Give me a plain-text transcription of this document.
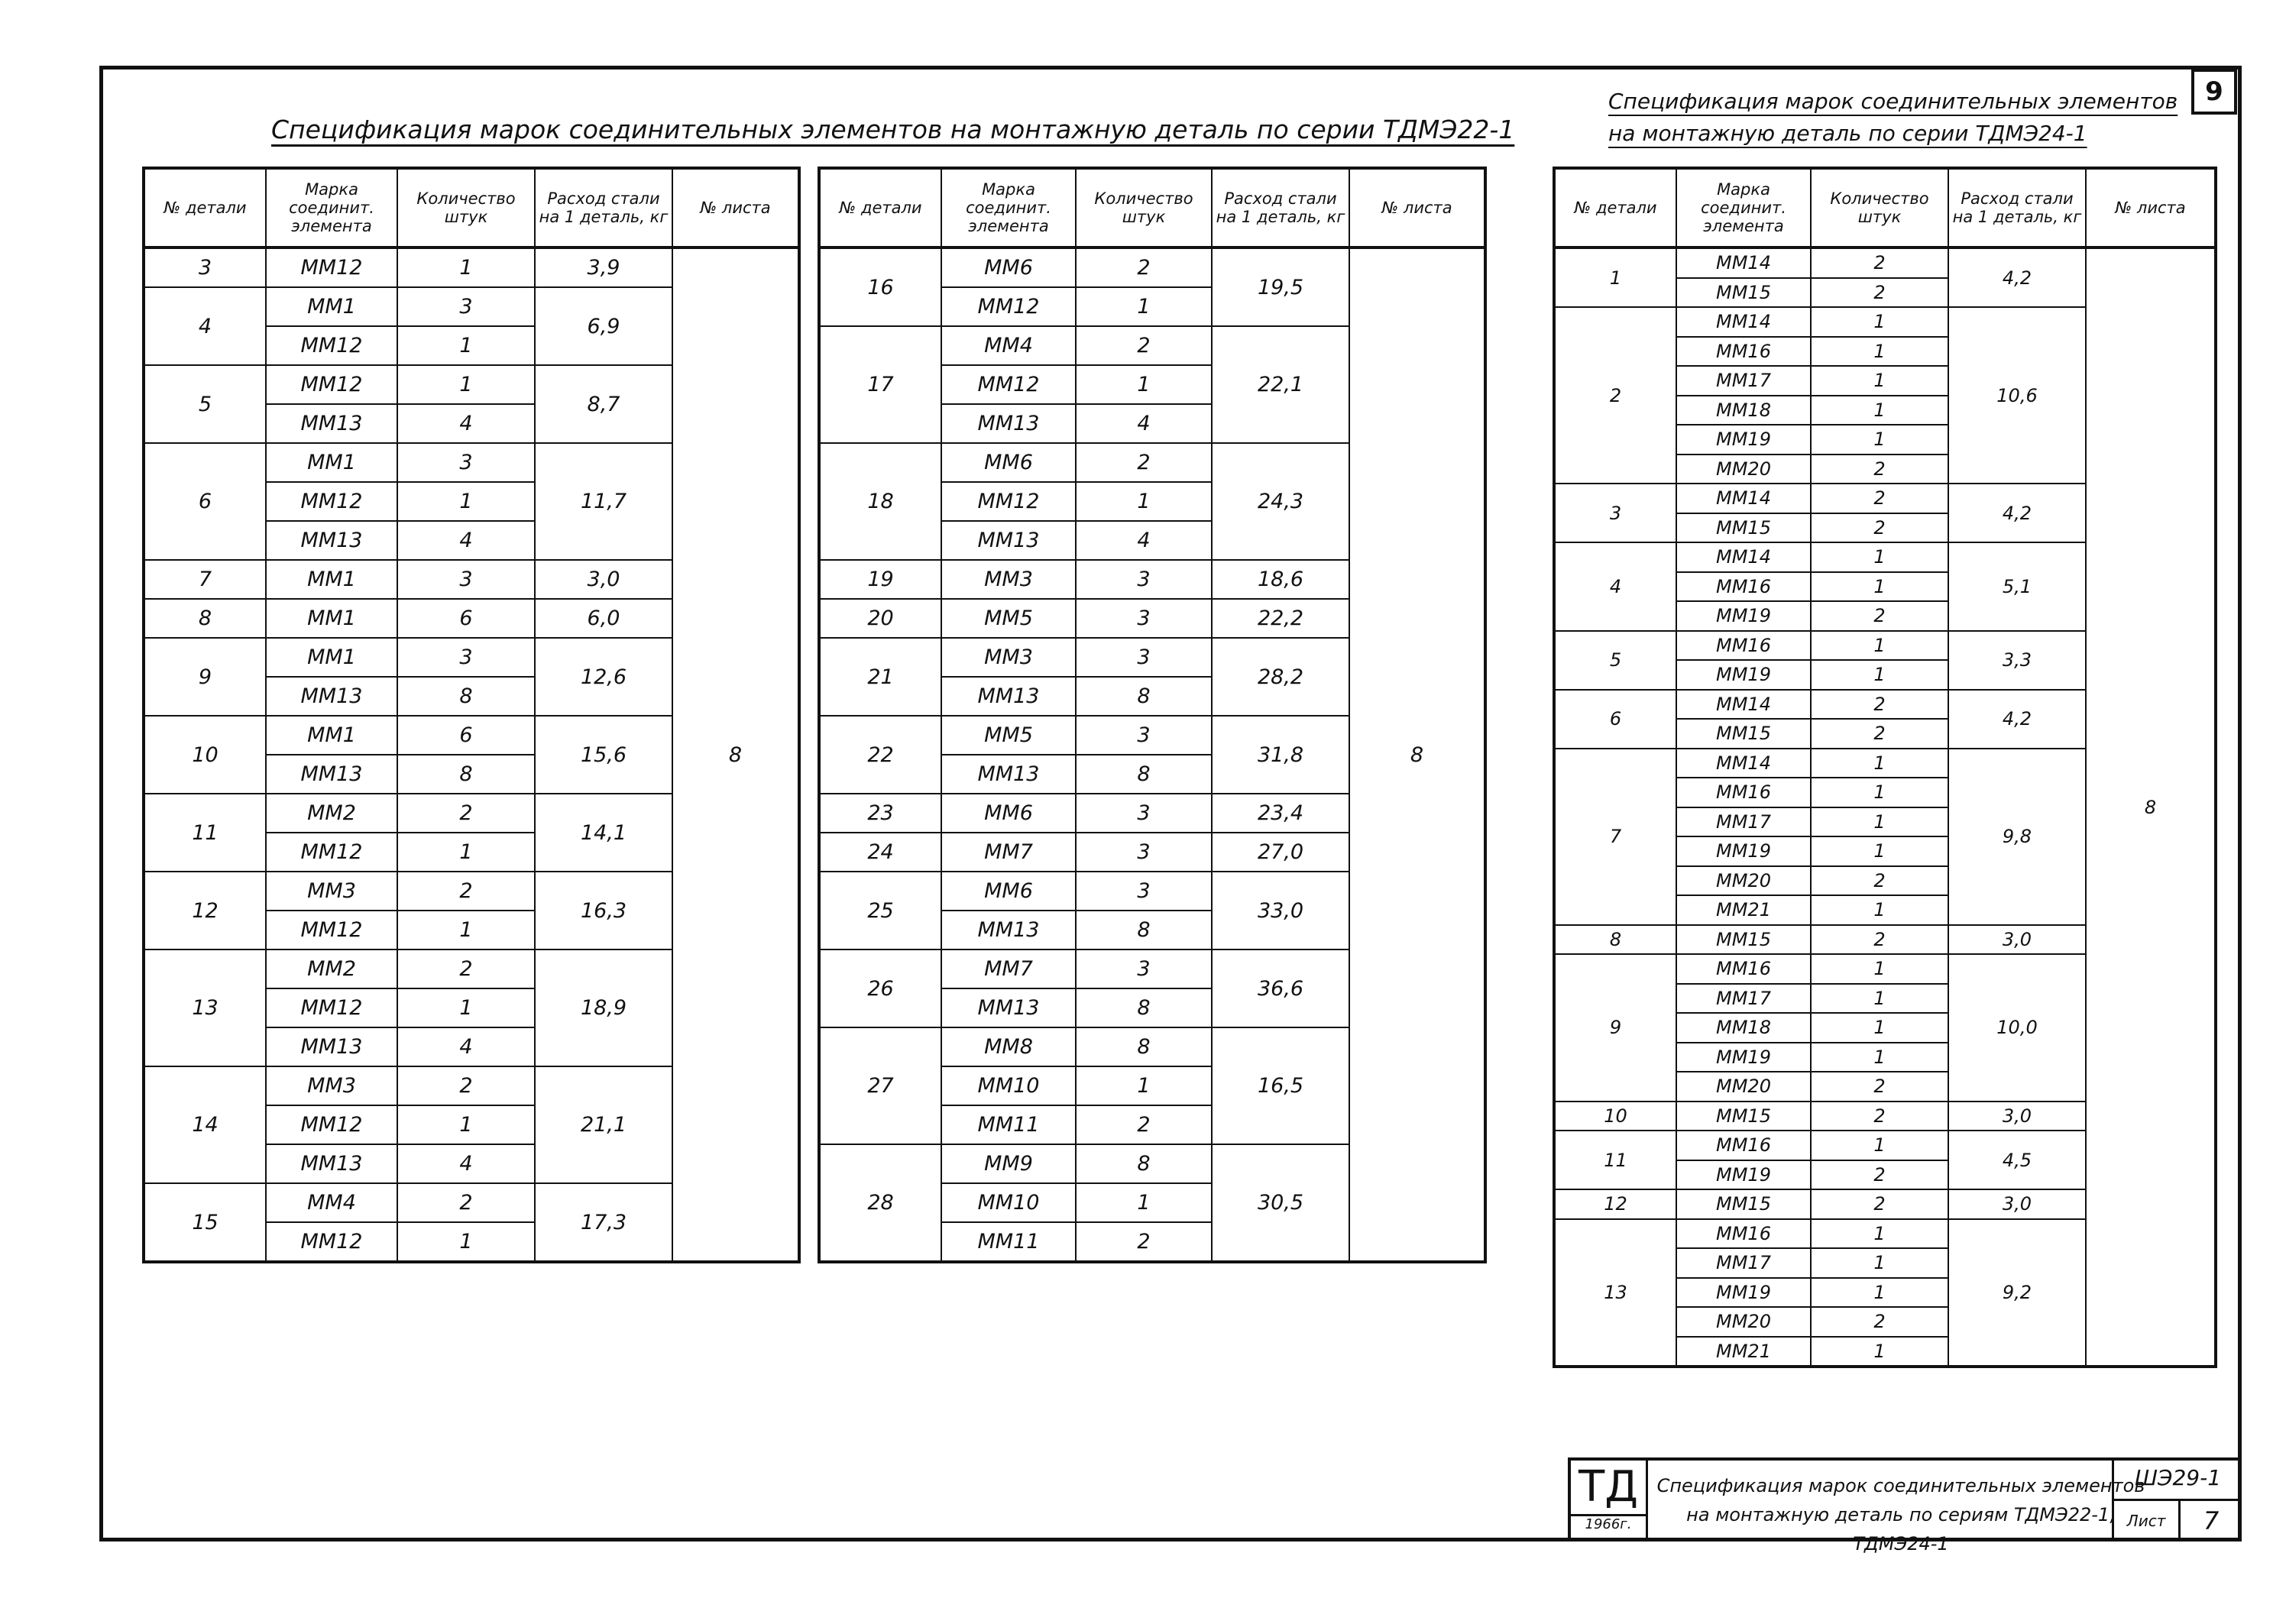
9
Спецификация марок соединительных элементов на монтажную деталь по серии ТДМЭ22-1
Спецификация марок соединительных элементов
на монтажную деталь по серии ТДМЭ24-1
№ детали	Марка соединит. элемента	Количество штук	Расход стали на 1 деталь, кг	№ листа
3	ММ12	1	3,9	8
4	ММ1	3	6,9	
	ММ12	1		
5	ММ12	1	8,7	
	ММ13	4		
6	ММ1	3	11,7	
	ММ12	1		
	ММ13	4		
7	ММ1	3	3,0	
8	ММ1	6	6,0	
9	ММ1	3	12,6	
	ММ13	8		
10	ММ1	6	15,6	
	ММ13	8		
11	ММ2	2	14,1	
	ММ12	1		
12	ММ3	2	16,3	
	ММ12	1		
13	ММ2	2	18,9	
	ММ12	1		
	ММ13	4		
14	ММ3	2	21,1	
	ММ12	1		
	ММ13	4		
15	ММ4	2	17,3	
	ММ12	1		
№ детали	Марка соединит. элемента	Количество штук	Расход стали на 1 деталь, кг	№ листа
16	ММ6	2	19,5	8
	ММ12	1		
17	ММ4	2	22,1	
	ММ12	1		
	ММ13	4		
18	ММ6	2	24,3	
	ММ12	1		
	ММ13	4		
19	ММ3	3	18,6	
20	ММ5	3	22,2	
21	ММ3	3	28,2	
	ММ13	8		
22	ММ5	3	31,8	
	ММ13	8		
23	ММ6	3	23,4	
24	ММ7	3	27,0	
25	ММ6	3	33,0	
	ММ13	8		
26	ММ7	3	36,6	
	ММ13	8		
27	ММ8	8	16,5	
	ММ10	1		
	ММ11	2		
28	ММ9	8	30,5	
	ММ10	1		
	ММ11	2		
№ детали	Марка соединит. элемента	Количество штук	Расход стали на 1 деталь, кг	№ листа
1	ММ14	2	4,2	8
	ММ15	2		
2	ММ14	1	10,6	
	ММ16	1		
	ММ17	1		
	ММ18	1		
	ММ19	1		
	ММ20	2		
3	ММ14	2	4,2	
	ММ15	2		
4	ММ14	1	5,1	
	ММ16	1		
	ММ19	2		
5	ММ16	1	3,3	
	ММ19	1		
6	ММ14	2	4,2	
	ММ15	2		
7	ММ14	1	9,8	
	ММ16	1		
	ММ17	1		
	ММ19	1		
	ММ20	2		
	ММ21	1		
8	ММ15	2	3,0	
9	ММ16	1	10,0	
	ММ17	1		
	ММ18	1		
	ММ19	1		
	ММ20	2		
10	ММ15	2	3,0	
11	ММ16	1	4,5	
	ММ19	2		
12	ММ15	2	3,0	
13	ММ16	1	9,2	
	ММ17	1		
	ММ19	1		
	ММ20	2		
	ММ21	1		
ТД
1966г.
Спецификация марок соединительных элементов
на монтажную деталь по сериям ТДМЭ22-1, ТДМЭ24-1
ШЭ29-1
Лист	7
